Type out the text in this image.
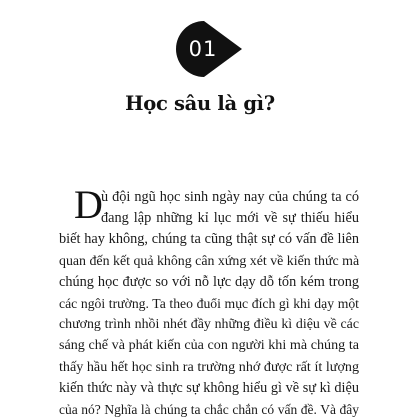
01
Học sâu là gì?
D
ù đội ngũ học sinh ngày nay của chúng ta có
đang lập những kỉ lục mới về sự thiếu hiểu
biết hay không, chúng ta cũng thật sự có vấn đề liên
quan đến kết quả không cân xứng xét về kiến thức mà
chúng học được so với nỗ lực dạy dỗ tốn kém trong
các ngôi trường. Ta theo đuổi mục đích gì khi dạy một
chương trình nhồi nhét đầy những điều kì diệu về các
sáng chế và phát kiến của con người khi mà chúng ta
thấy hầu hết học sinh ra trường nhớ được rất ít lượng
kiến thức này và thực sự không hiểu gì về sự kì diệu
của nó? Nghĩa là chúng ta chắc chắn có vấn đề. Và đây
